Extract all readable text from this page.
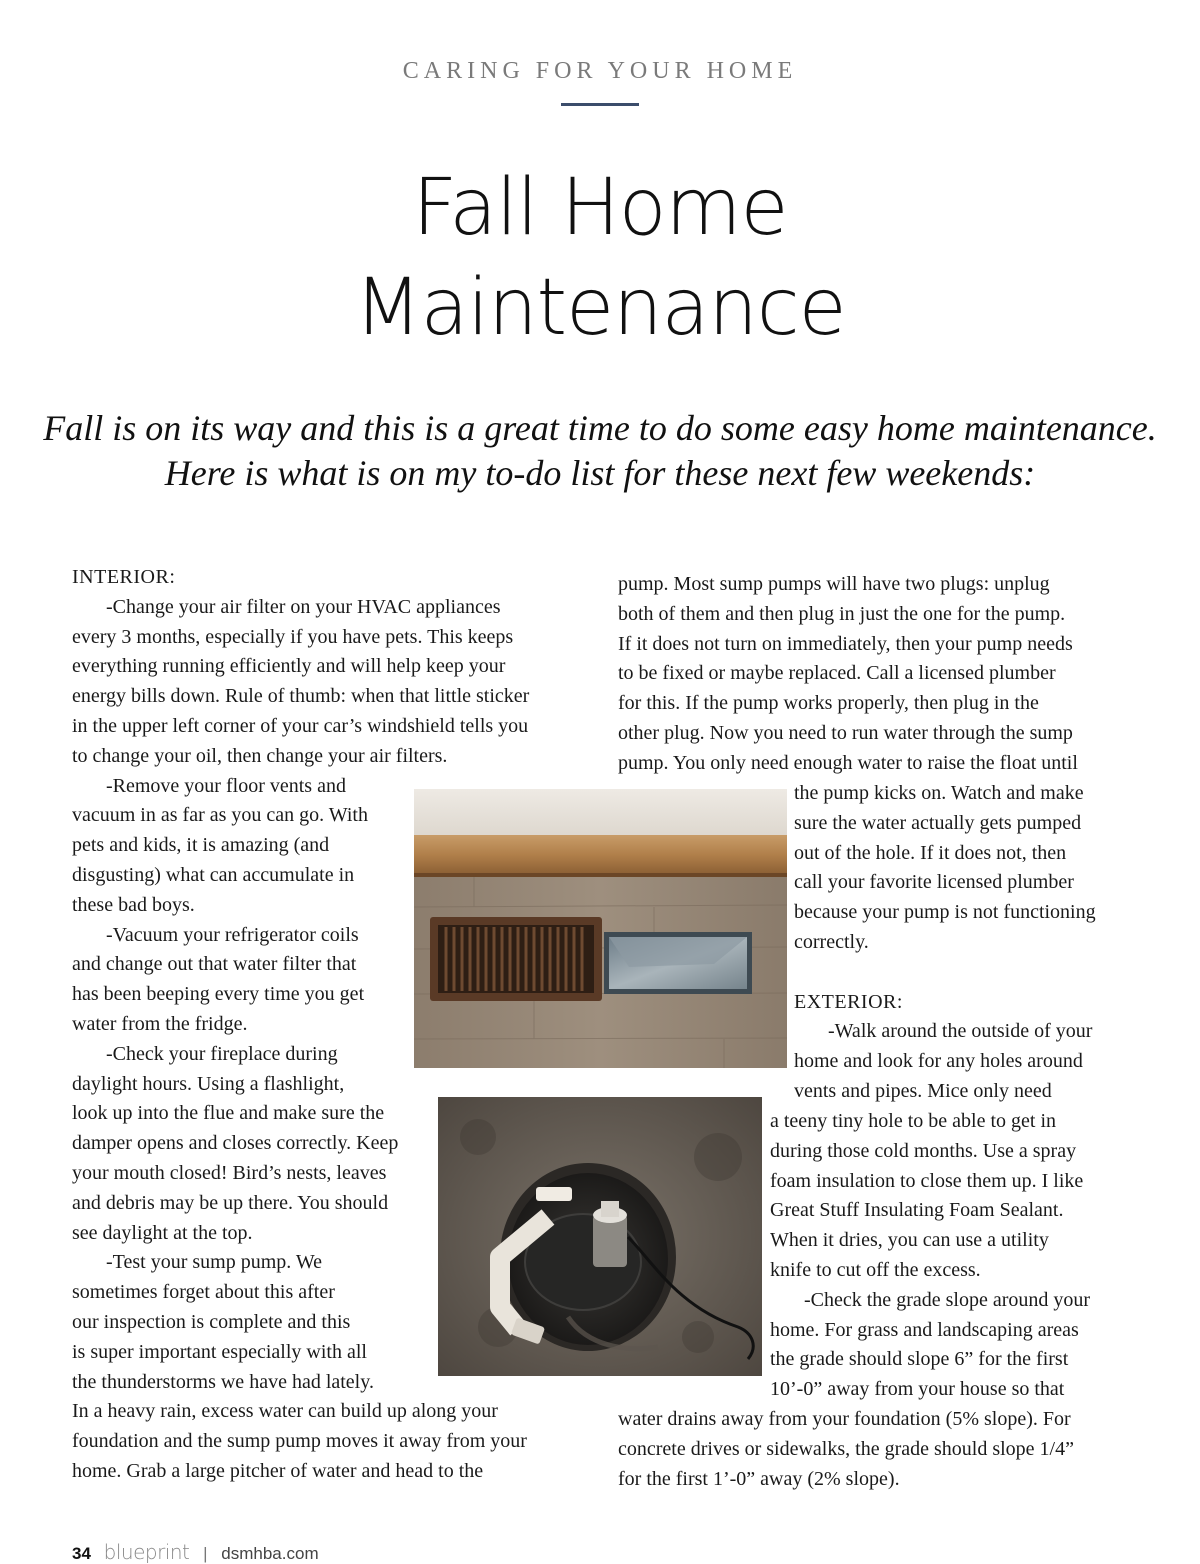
CARING FOR YOUR HOME
Fall Home
Maintenance
Fall is on its way and this is a great time to do some easy home maintenance.
Here is what is on my to-do list for these next few weekends:
INTERIOR:
-Change your air filter on your HVAC appliances
every 3 months, especially if you have pets. This keeps
everything running efficiently and will help keep your
energy bills down. Rule of thumb: when that little sticker
in the upper left corner of your car’s windshield tells you
to change your oil, then change your air filters.
-Remove your floor vents and
vacuum in as far as you can go. With
pets and kids, it is amazing (and
disgusting) what can accumulate in
these bad boys.
-Vacuum your refrigerator coils
and change out that water filter that
has been beeping every time you get
water from the fridge.
-Check your fireplace during
daylight hours. Using a flashlight,
look up into the flue and make sure the
damper opens and closes correctly. Keep
your mouth closed! Bird’s nests, leaves
and debris may be up there. You should
see daylight at the top.
-Test your sump pump. We
sometimes forget about this after
our inspection is complete and this
is super important especially with all
the thunderstorms we have had lately.
In a heavy rain, excess water can build up along your
foundation and the sump pump moves it away from your
home. Grab a large pitcher of water and head to the
pump. Most sump pumps will have two plugs: unplug
both of them and then plug in just the one for the pump.
If it does not turn on immediately, then your pump needs
to be fixed or maybe replaced. Call a licensed plumber
for this. If the pump works properly, then plug in the
other plug. Now you need to run water through the sump
pump. You only need enough water to raise the float until
the pump kicks on. Watch and make
sure the water actually gets pumped
out of the hole. If it does not, then
call your favorite licensed plumber
because your pump is not functioning
correctly.
EXTERIOR:
-Walk around the outside of your
home and look for any holes around
vents and pipes. Mice only need
a teeny tiny hole to be able to get in
during those cold months. Use a spray
foam insulation to close them up. I like
Great Stuff Insulating Foam Sealant.
When it dries, you can use a utility
knife to cut off the excess.
-Check the grade slope around your
home. For grass and landscaping areas
the grade should slope 6” for the first
10’-0” away from your house so that
water drains away from your foundation (5% slope). For
concrete drives or sidewalks, the grade should slope 1/4”
for the first 1’-0” away (2% slope).
34 blueprint | dsmhba.com
